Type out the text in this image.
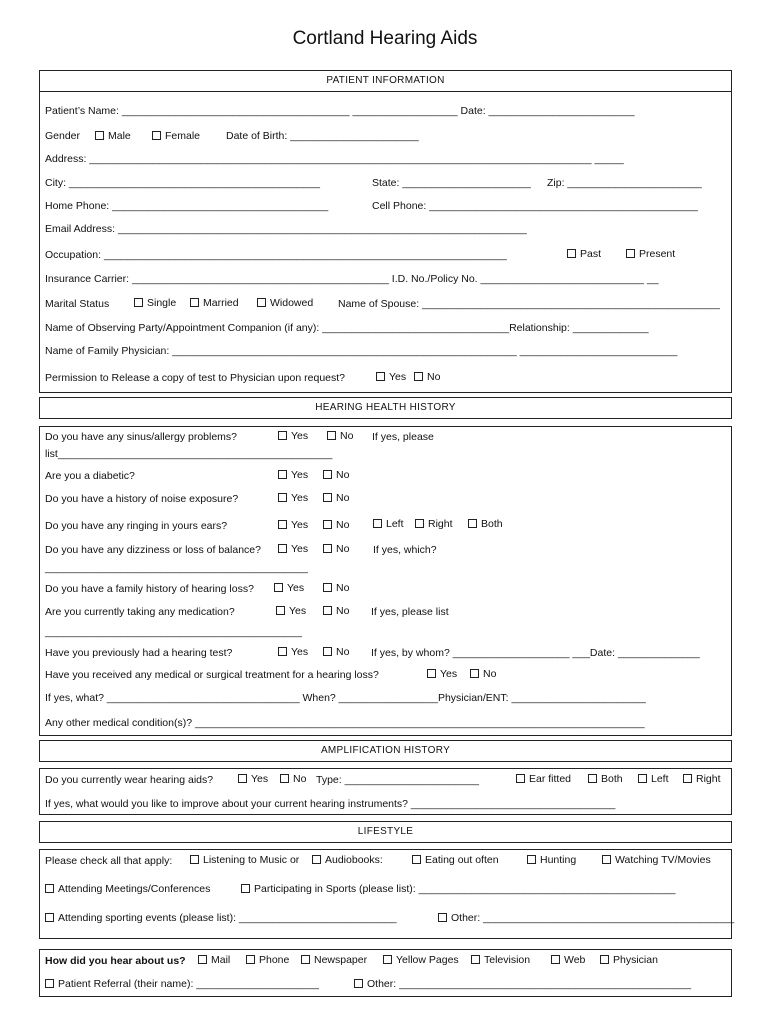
Cortland Hearing Aids
PATIENT INFORMATION
Patient’s Name: _______________________________________ __________________ Date: _________________________
Gender	Male	Female Date of Birth: ______________________
Address: ______________________________________________________________________________________ _____
City: ___________________________________________	State: ______________________ Zip: _______________________
Home Phone: _____________________________________	Cell Phone: ______________________________________________
Email Address: ______________________________________________________________________
Occupation: _____________________________________________________________________	Past	Present
Insurance Carrier: ____________________________________________ I.D. No./Policy No. ____________________________ __
Marital Status	Single	Married	Widowed Name of Spouse: ___________________________________________________
Name of Observing Party/Appointment Companion (if any): ________________________________Relationship: _____________
Name of Family Physician: ___________________________________________________________ ___________________________
Permission to Release a copy of test to Physician upon request?	Yes	No
HEARING HEALTH HISTORY
Do you have any sinus/allergy problems?	Yes	No If yes, please
list_______________________________________________
Are you a diabetic?	Yes	No
Do you have a history of noise exposure?	Yes	No
Do you have any ringing in yours ears?	Yes	No	Left	Right	Both
Do you have any dizziness or loss of balance?	Yes	No If yes, which?
_____________________________________________
Do you have a family history of hearing loss?	Yes	No
Are you currently taking any medication?	Yes	No If yes, please list
____________________________________________
Have you previously had a hearing test?	Yes	No If yes, by whom? ____________________ ___Date: ______________
Have you received any medical or surgical treatment for a hearing loss?	Yes	No
If yes, what? _________________________________ When? _________________Physician/ENT: _______________________
Any other medical condition(s)? _____________________________________________________________________________
AMPLIFICATION HISTORY
Do you currently wear hearing aids?	Yes	No Type: _______________________	Ear fitted	Both	Left	Right
If yes, what would you like to improve about your current hearing instruments? ___________________________________
LIFESTYLE
Please check all that apply:	Listening to Music or	Audiobooks:	Eating out often	Hunting	Watching TV/Movies
Attending Meetings/Conferences	Participating in Sports (please list): ____________________________________________
Attending sporting events (please list): ___________________________	Other: ___________________________________________
How did you hear about us?	Mail	Phone	Newspaper	Yellow Pages	Television	Web	Physician
Patient Referral (their name): _____________________	Other: __________________________________________________
